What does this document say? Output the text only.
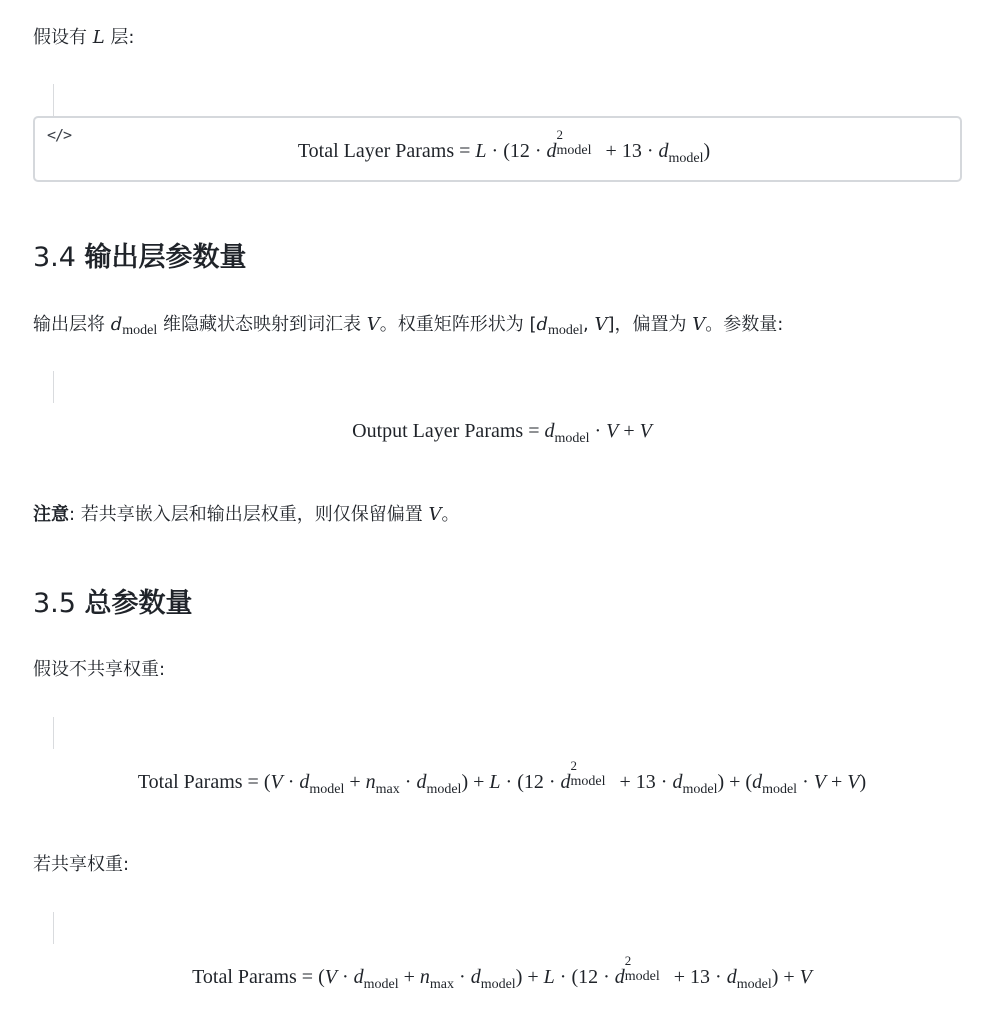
假设有 L 层:
</>
Total Layer Params = L · (12 · d
2
model + $13 \cdot d_{model}$)
3.4 输出层参数量
输出层将 $d_{model}$ 维隐藏状态映射到词汇表 V。权重矩阵形状为 [$d_{model}$, V]，偏置为 V。参数量:
Output Layer Params = $d_{model} \cdot V + V$
注意: 若共享嵌入层和输出层权重，则仅保留偏置 V。
3.5 总参数量
假设不共享权重:
Total Params = $(V \cdot d_{model} + n_{max} \cdot d_{model}) + L \cdot (12 \cdot d$
2
model + $13 \cdot d_{model}) + (d_{model} \cdot V + V)$
若共享权重:
Total Params = $(V \cdot d_{model} + n_{max} \cdot d_{model}) + L \cdot (12 \cdot d$
2
model + $13 \cdot d_{model}) + V$
